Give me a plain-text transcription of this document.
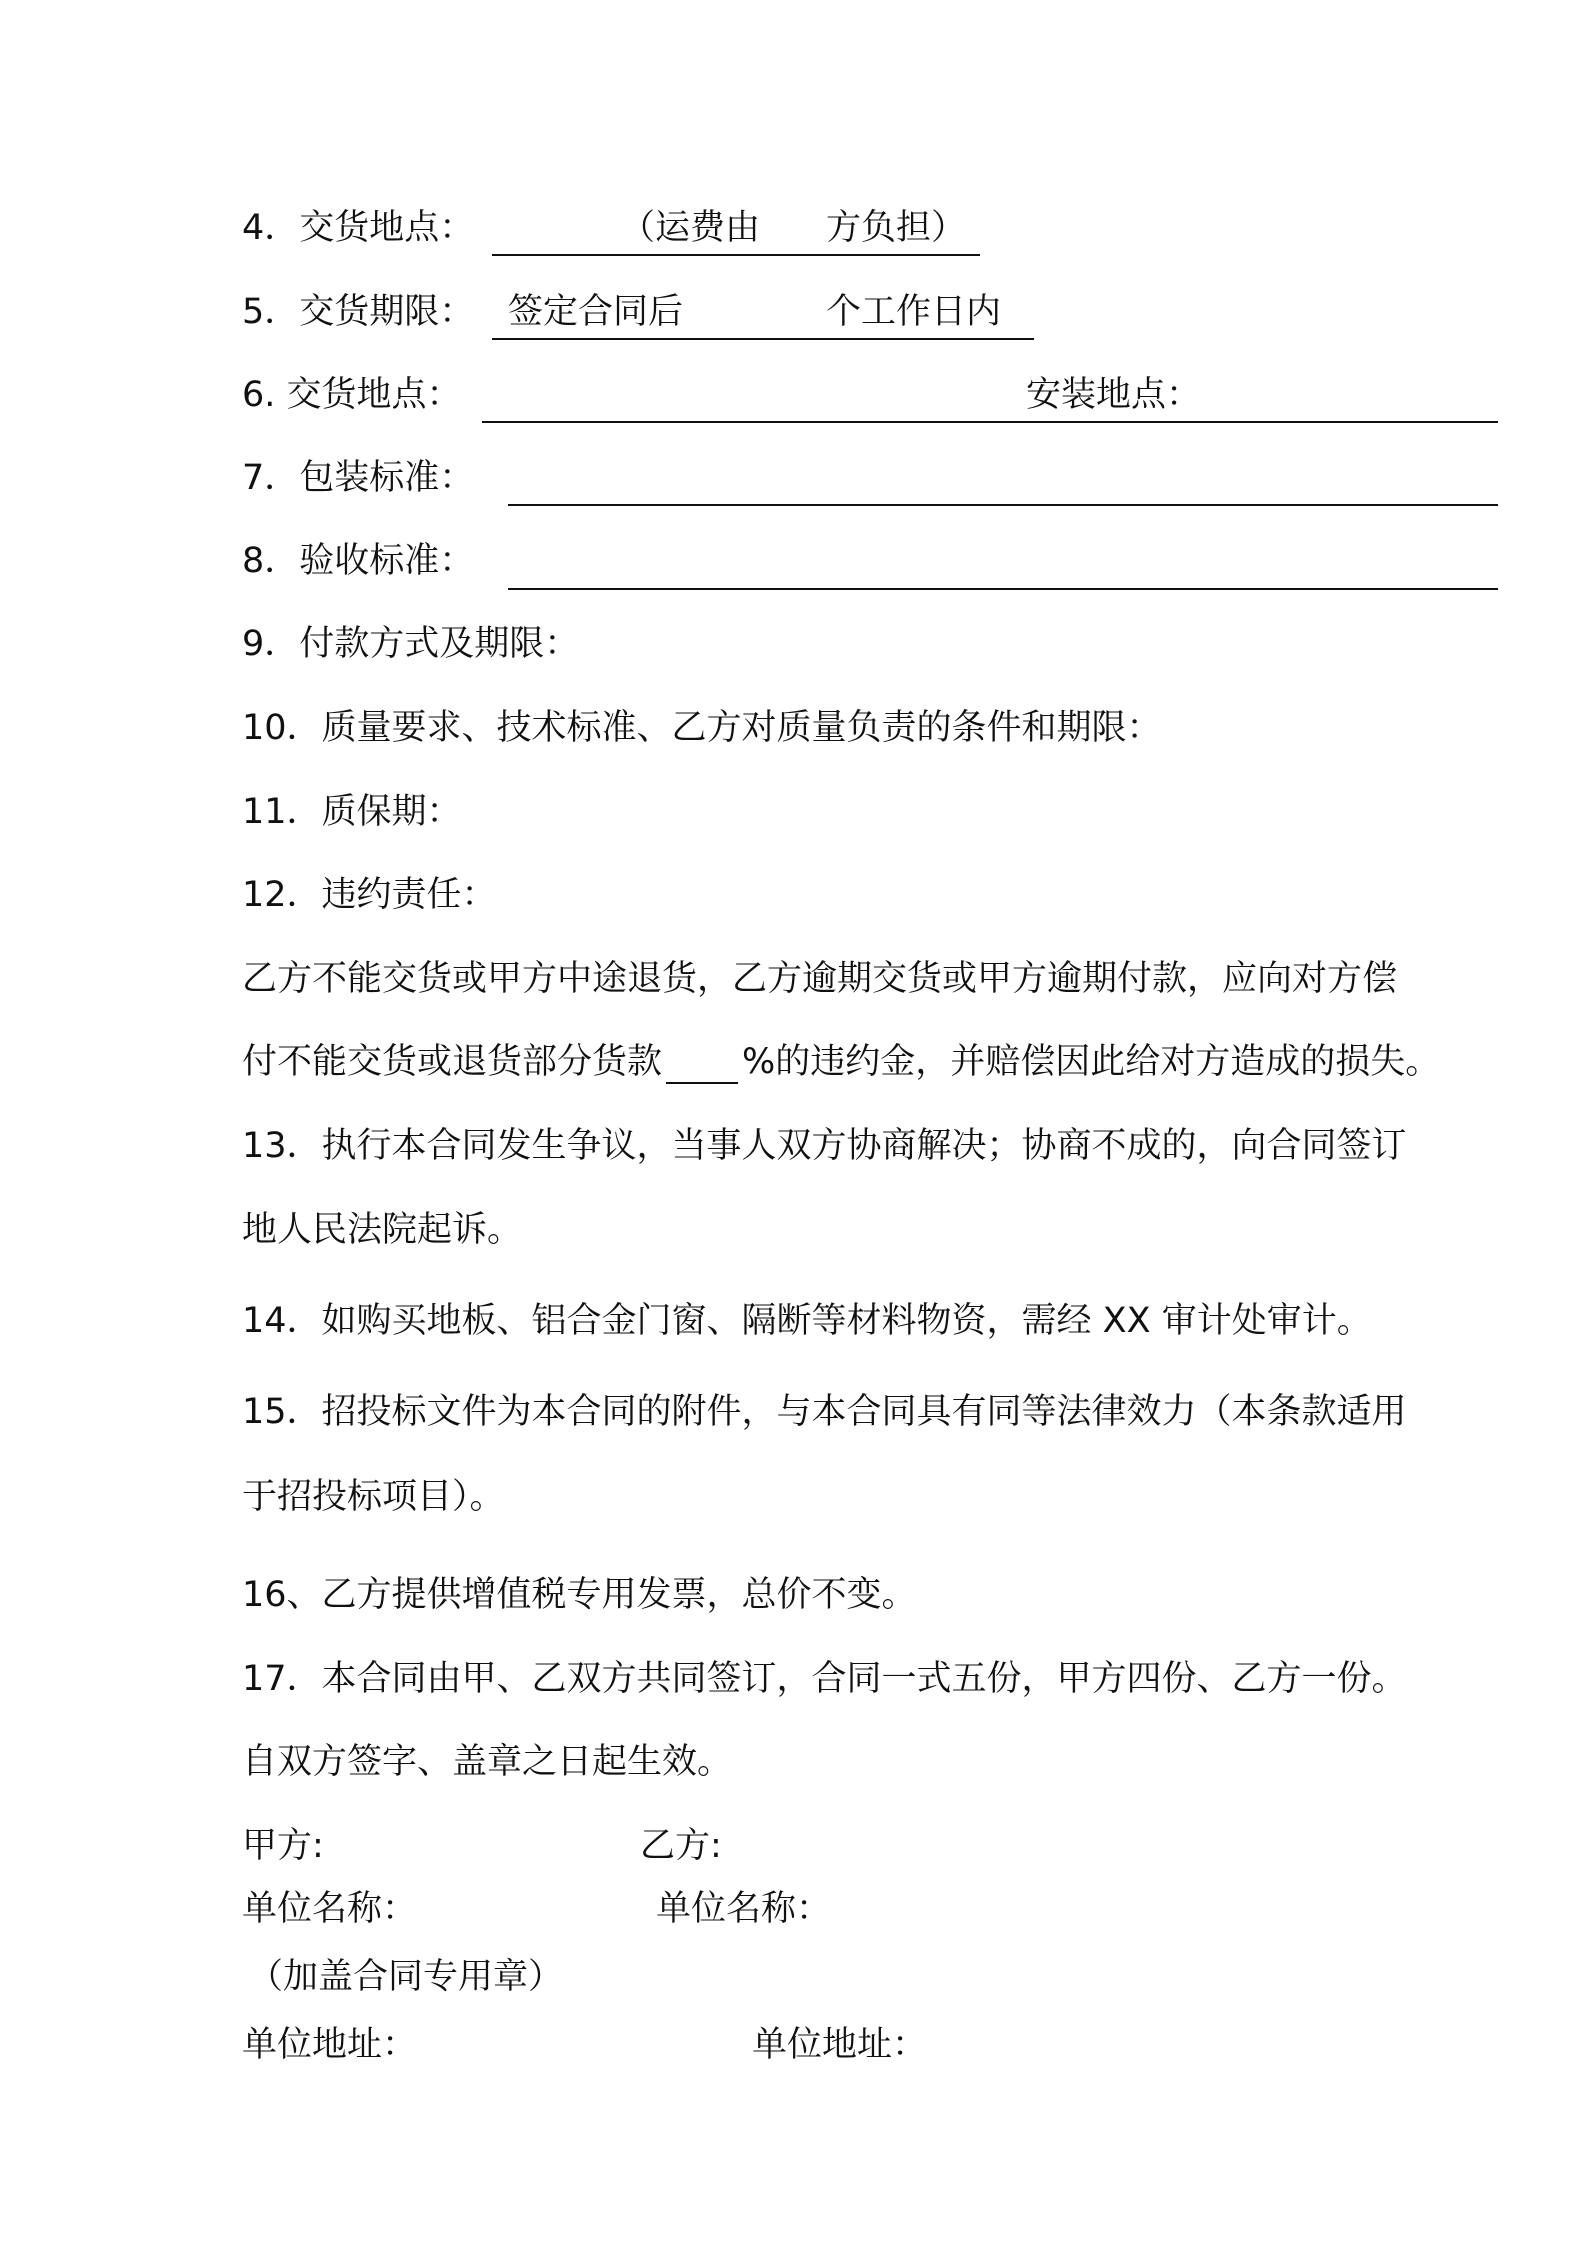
4．交货地点：	（运费由 方负担）

5．交货期限： 签定合同后	个工作日内

6. 交货地点：	安装地点：

7．包装标准：

8．验收标准：

9．付款方式及期限：

10．质量要求、技术标准、乙方对质量负责的条件和期限：

11．质保期：

12．违约责任：

乙方不能交货或甲方中途退货，乙方逾期交货或甲方逾期付款，应向对方偿

付不能交货或退货部分货款 %的违约金，并赔偿因此给对方造成的损失。

13．执行本合同发生争议，当事人双方协商解决；协商不成的，向合同签订

地人民法院起诉。

14．如购买地板、铝合金门窗、隔断等材料物资，需经 XX 审计处审计。

15．招投标文件为本合同的附件，与本合同具有同等法律效力（本条款适用

于招投标项目）。

16、乙方提供增值税专用发票，总价不变。

17．本合同由甲、乙双方共同签订，合同一式五份，甲方四份、乙方一份。

自双方签字、盖章之日起生效。

甲方:	乙方:
单位名称：	单位名称：
（加盖合同专用章）
单位地址：	单位地址：
